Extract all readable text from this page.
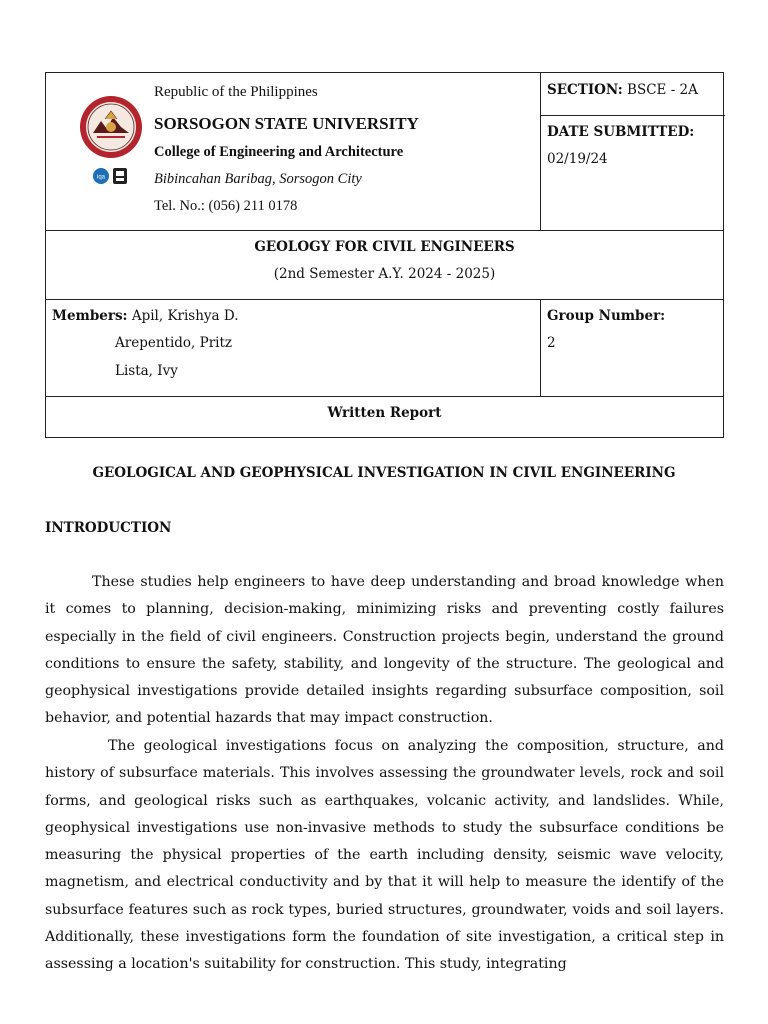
iqa
Republic of the Philippines
SORSOGON STATE UNIVERSITY
College of Engineering and Architecture
Bibincahan Baribag, Sorsogon City
Tel. No.: (056) 211 0178
SECTION: BSCE - 2A
DATE SUBMITTED:
02/19/24
GEOLOGY FOR CIVIL ENGINEERS
(2nd Semester A.Y. 2024 - 2025)
Members: Apil, Krishya D.
Arepentido, Pritz
Lista, Ivy
Group Number:
2
Written Report
GEOLOGICAL AND GEOPHYSICAL INVESTIGATION IN CIVIL ENGINEERING
INTRODUCTION
These studies help engineers to have deep understanding and broad knowledge when it comes to planning, decision-making, minimizing risks and preventing costly failures especially in the field of civil engineers. Construction projects begin, understand the ground conditions to ensure the safety, stability, and longevity of the structure. The geological and geophysical investigations provide detailed insights regarding subsurface composition, soil behavior, and potential hazards that may impact construction.
The geological investigations focus on analyzing the composition, structure, and history of subsurface materials. This involves assessing the groundwater levels, rock and soil forms, and geological risks such as earthquakes, volcanic activity, and landslides. While, geophysical investigations use non-invasive methods to study the subsurface conditions be measuring the physical properties of the earth including density, seismic wave velocity, magnetism, and electrical conductivity and by that it will help to measure the identify of the subsurface features such as rock types, buried structures, groundwater, voids and soil layers. Additionally, these investigations form the foundation of site investigation, a critical step in assessing a location's suitability for construction. This study, integrating
